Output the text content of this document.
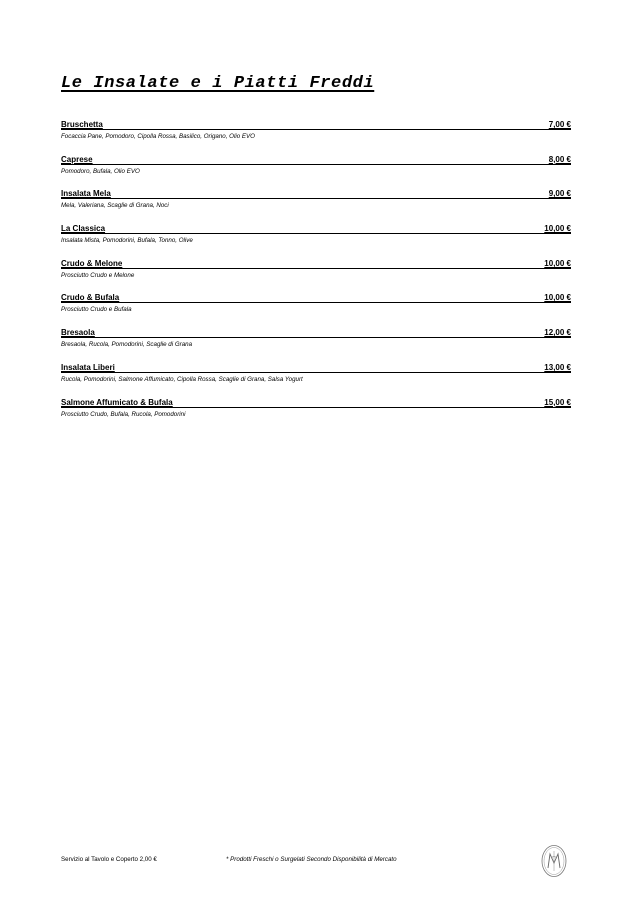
Le Insalate e i Piatti Freddi
Bruschetta	7,00 €
Focaccia Pane, Pomodoro, Cipolla Rossa, Basilico, Origano, Olio EVO
Caprese	8,00 €
Pomodoro, Bufala, Olio EVO
Insalata Mela	9,00 €
Mela, Valeriana, Scaglie di Grana, Noci
La Classica	10,00 €
Insalata Mista, Pomodorini, Bufala, Tonno, Olive
Crudo & Melone	10,00 €
Prosciutto Crudo e Melone
Crudo & Bufala	10,00 €
Prosciutto Crudo e Bufala
Bresaola	12,00 €
Bresaola, Rucola, Pomodorini, Scaglie di Grana
Insalata Liberi	13,00 €
Rucola, Pomodorini, Salmone Affumicato, Cipolla Rossa, Scaglie di Grana, Salsa Yogurt
Salmone Affumicato & Bufala	15,00 €
Prosciutto Crudo, Bufala, Rucola, Pomodorini
Servizio al Tavolo e Coperto 2,00 €	* Prodotti Freschi o Surgelati Secondo Disponibilità di Mercato
